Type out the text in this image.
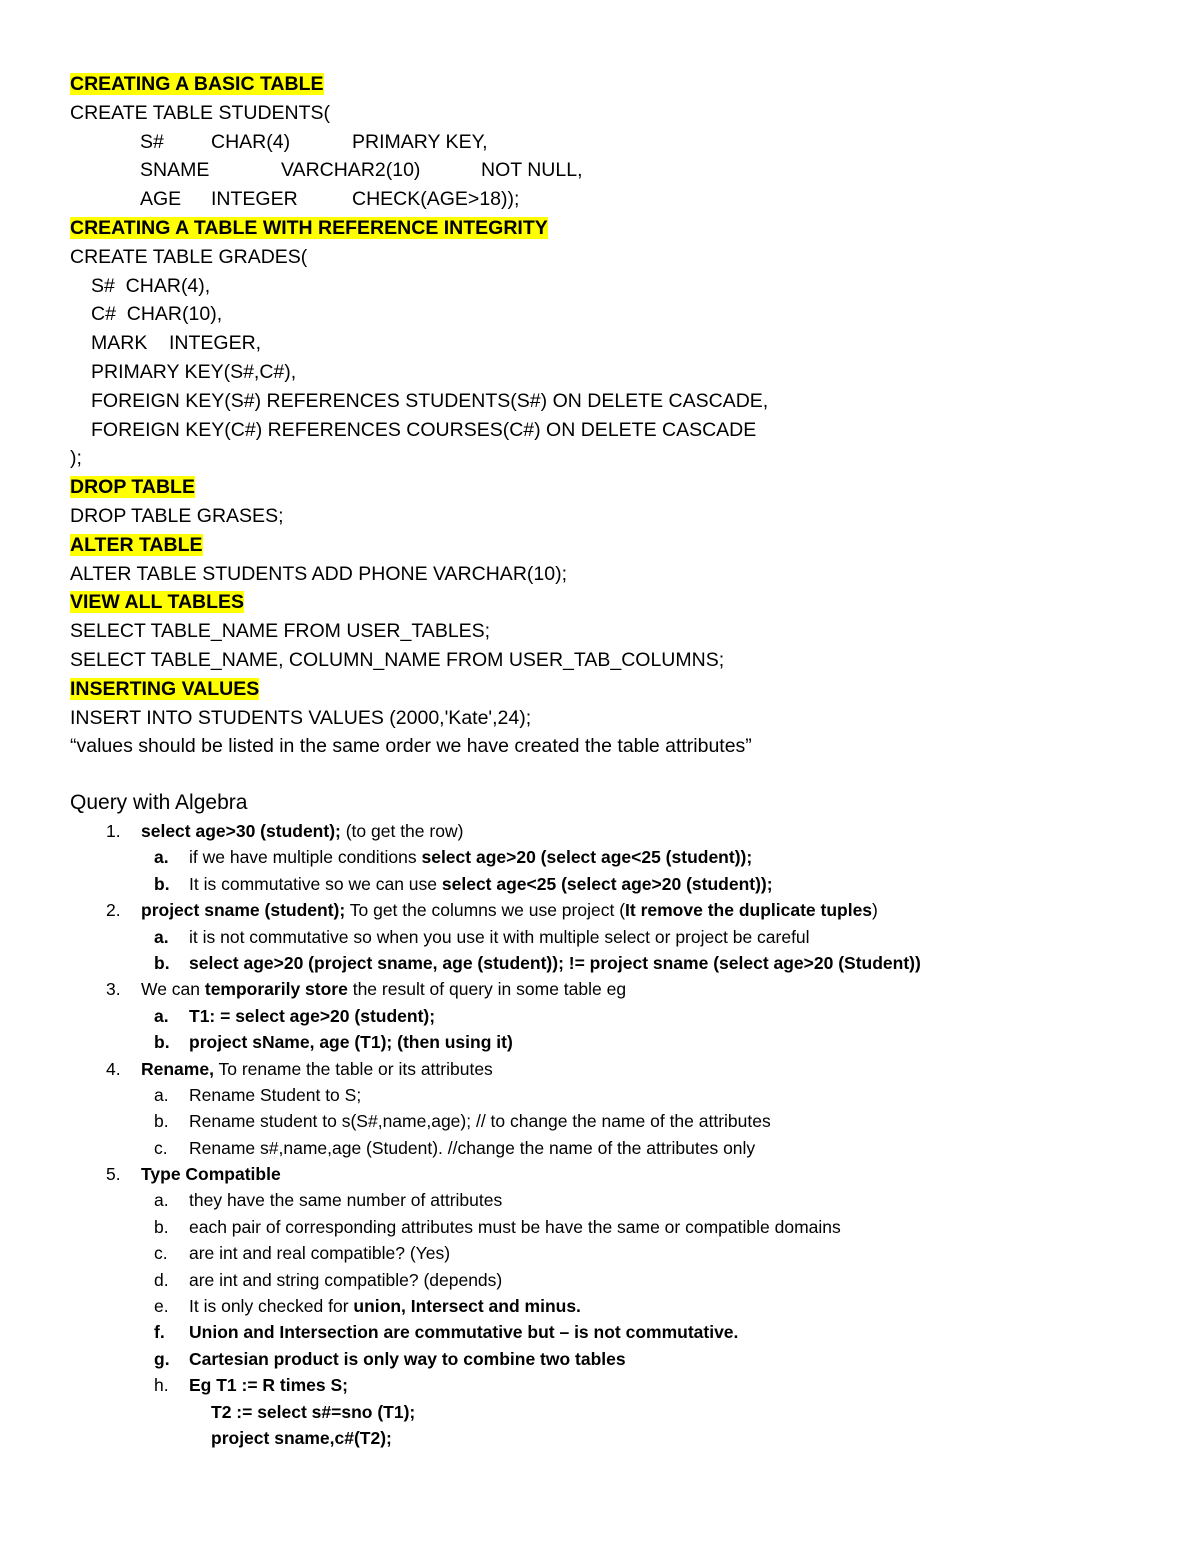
CREATING A BASIC TABLE
CREATE TABLE STUDENTS(
S# CHAR(4)	PRIMARY KEY,
SNAME	VARCHAR2(10)	NOT NULL,
AGE INTEGER	CHECK(AGE>18));
CREATING A TABLE WITH REFERENCE INTEGRITY
CREATE TABLE GRADES(
S#  CHAR(4),
C#  CHAR(10),
MARK    INTEGER,
PRIMARY KEY(S#,C#),
FOREIGN KEY(S#) REFERENCES STUDENTS(S#) ON DELETE CASCADE,
FOREIGN KEY(C#) REFERENCES COURSES(C#) ON DELETE CASCADE
);
DROP TABLE
DROP TABLE GRASES;
ALTER TABLE
ALTER TABLE STUDENTS ADD PHONE VARCHAR(10);
VIEW ALL TABLES
SELECT TABLE_NAME FROM USER_TABLES;
SELECT TABLE_NAME, COLUMN_NAME FROM USER_TAB_COLUMNS;
INSERTING VALUES
INSERT INTO STUDENTS VALUES (2000,'Kate',24);
“values should be listed in the same order we have created the table attributes”
Query with Algebra
1. select age>30 (student); (to get the row)
a. if we have multiple conditions select age>20 (select age<25 (student));
b. It is commutative so we can use select age<25 (select age>20 (student));
2. project sname (student); To get the columns we use project (It remove the duplicate tuples)
a. it is not commutative so when you use it with multiple select or project be careful
b. select age>20 (project sname, age (student)); != project sname (select age>20 (Student))
3. We can temporarily store the result of query in some table eg
a. T1: = select age>20 (student);
b. project sName, age (T1); (then using it)
4. Rename, To rename the table or its attributes
a. Rename Student to S;
b. Rename student to s(S#,name,age); // to change the name of the attributes
c. Rename s#,name,age (Student). //change the name of the attributes only
5. Type Compatible
a. they have the same number of attributes
b. each pair of corresponding attributes must be have the same or compatible domains
c. are int and real compatible? (Yes)
d. are int and string compatible? (depends)
e. It is only checked for union, Intersect and minus.
f. Union and Intersection are commutative but – is not commutative.
g. Cartesian product is only way to combine two tables
h. Eg T1 := R times S;
T2 := select s#=sno (T1);
project sname,c#(T2);
